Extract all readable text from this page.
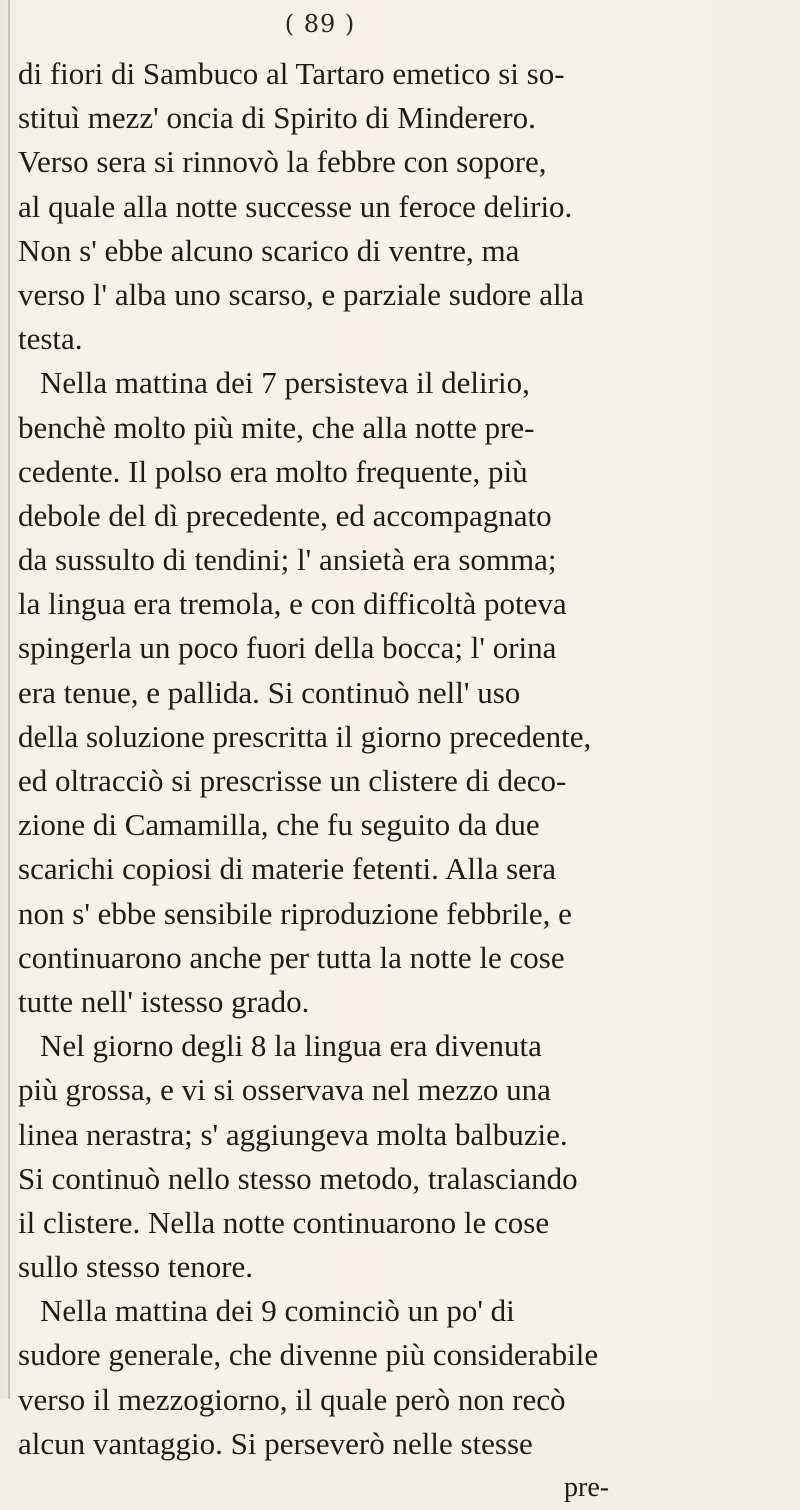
( 89 )
di fiori di Sambuco al Tartaro emetico si so-
stituì mezz' oncia di Spirito di Minderero.
Verso sera si rinnovò la febbre con sopore,
al quale alla notte successe un feroce delirio.
Non s' ebbe alcuno scarico di ventre, ma
verso l' alba uno scarso, e parziale sudore alla
testa.
Nella mattina dei 7 persisteva il delirio,
benchè molto più mite, che alla notte pre-
cedente. Il polso era molto frequente, più
debole del dì precedente, ed accompagnato
da sussulto di tendini; l' ansietà era somma;
la lingua era tremola, e con difficoltà poteva
spingerla un poco fuori della bocca; l' orina
era tenue, e pallida. Si continuò nell' uso
della soluzione prescritta il giorno precedente,
ed oltracciò si prescrisse un clistere di deco-
zione di Camamilla, che fu seguito da due
scarichi copiosi di materie fetenti. Alla sera
non s' ebbe sensibile riproduzione febbrile, e
continuarono anche per tutta la notte le cose
tutte nell' istesso grado.
Nel giorno degli 8 la lingua era divenuta
più grossa, e vi si osservava nel mezzo una
linea nerastra; s' aggiungeva molta balbuzie.
Si continuò nello stesso metodo, tralasciando
il clistere. Nella notte continuarono le cose
sullo stesso tenore.
Nella mattina dei 9 cominciò un po' di
sudore generale, che divenne più considerabile
verso il mezzogiorno, il quale però non recò
alcun vantaggio. Si perseverò nelle stesse
pre-
